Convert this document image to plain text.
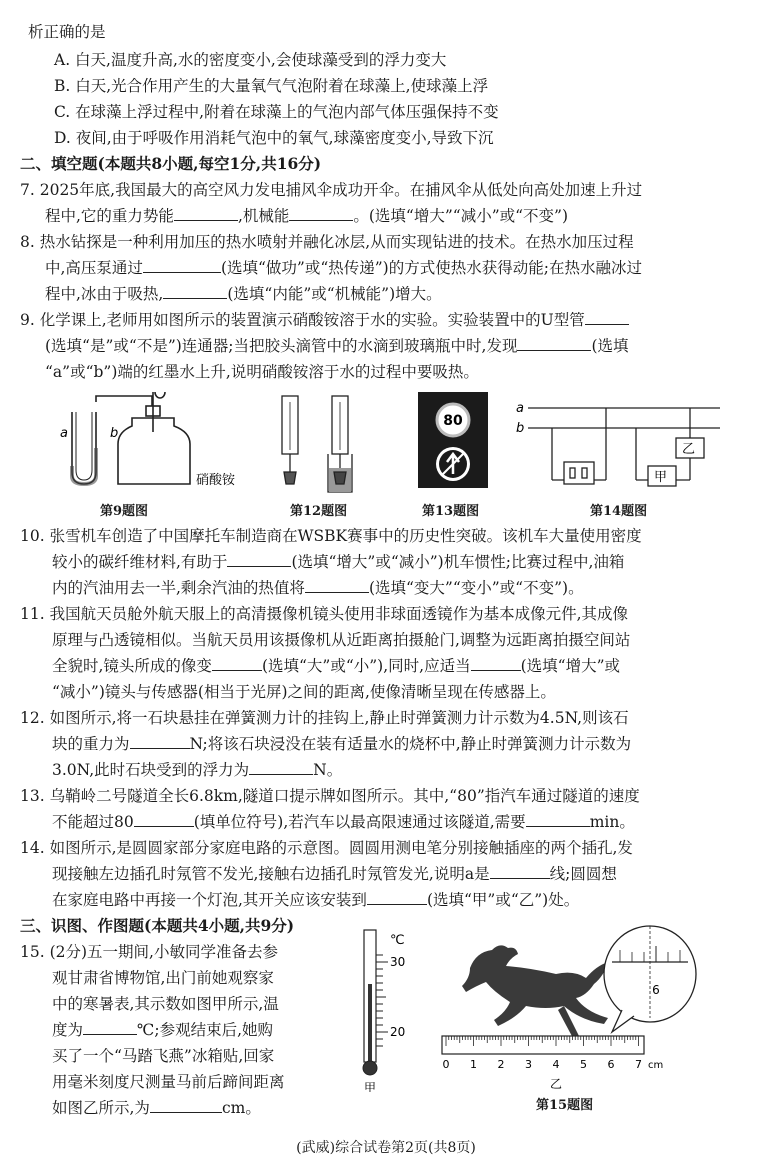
析正确的是
A. 白天,温度升高,水的密度变小,会使球藻受到的浮力变大
B. 白天,光合作用产生的大量氧气气泡附着在球藻上,使球藻上浮
C. 在球藻上浮过程中,附着在球藻上的气泡内部气体压强保持不变
D. 夜间,由于呼吸作用消耗气泡中的氧气,球藻密度变小,导致下沉
二、填空题(本题共8小题,每空1分,共16分)
7. 2025年底,我国最大的高空风力发电捕风伞成功开伞。在捕风伞从低处向高处加速上升过
程中,它的重力势能	,机械能	。(选填“增大”“减小”或“不变”)
8. 热水钻探是一种利用加压的热水喷射并融化冰层,从而实现钻进的技术。在热水加压过程
中,高压泵通过	(选填“做功”或“热传递”)的方式使热水获得动能;在热水融冰过
程中,冰由于吸热,	(选填“内能”或“机械能”)增大。
9. 化学课上,老师用如图所示的装置演示硝酸铵溶于水的实验。实验装置中的U型管
(选填“是”或“不是”)连通器;当把胶头滴管中的水滴到玻璃瓶中时,发现	(选填
“a”或“b”)端的红墨水上升,说明硝酸铵溶于水的过程中要吸热。
a	b
硝酸铵
80
a
b
甲
乙
第9题图	第12题图	第13题图	第14题图
10. 张雪机车创造了中国摩托车制造商在WSBK赛事中的历史性突破。该机车大量使用密度
较小的碳纤维材料,有助于	(选填“增大”或“减小”)机车惯性;比赛过程中,油箱
内的汽油用去一半,剩余汽油的热值将	(选填“变大”“变小”或“不变”)。
11. 我国航天员舱外航天服上的高清摄像机镜头使用非球面透镜作为基本成像元件,其成像
原理与凸透镜相似。当航天员用该摄像机从近距离拍摄舱门,调整为远距离拍摄空间站
全貌时,镜头所成的像变	(选填“大”或“小”),同时,应适当	(选填“增大”或
“减小”)镜头与传感器(相当于光屏)之间的距离,使像清晰呈现在传感器上。
12. 如图所示,将一石块悬挂在弹簧测力计的挂钩上,静止时弹簧测力计示数为4.5N,则该石
块的重力为	N;将该石块浸没在装有适量水的烧杯中,静止时弹簧测力计示数为
3.0N,此时石块受到的浮力为	N。
13. 乌鞘岭二号隧道全长6.8km,隧道口提示牌如图所示。其中,“80”指汽车通过隧道的速度
不能超过80	(填单位符号),若汽车以最高限速通过该隧道,需要	min。
14. 如图所示,是圆圆家部分家庭电路的示意图。圆圆用测电笔分别接触插座的两个插孔,发
现接触左边插孔时氖管不发光,接触右边插孔时氖管发光,说明a是	线;圆圆想
在家庭电路中再接一个灯泡,其开关应该安装到	(选填“甲”或“乙”)处。
三、识图、作图题(本题共4小题,共9分)
15. (2分)五一期间,小敏同学准备去参
观甘肃省博物馆,出门前她观察家
中的寒暑表,其示数如图甲所示,温
度为	℃;参观结束后,她购
买了一个“马踏飞燕”冰箱贴,回家
用毫米刻度尺测量马前后蹄间距离
如图乙所示,为	cm。
℃
30
20
甲
0 1 2 3 4 5 6 7 cm
6
乙
第15题图
(武威)综合试卷第2页(共8页)
